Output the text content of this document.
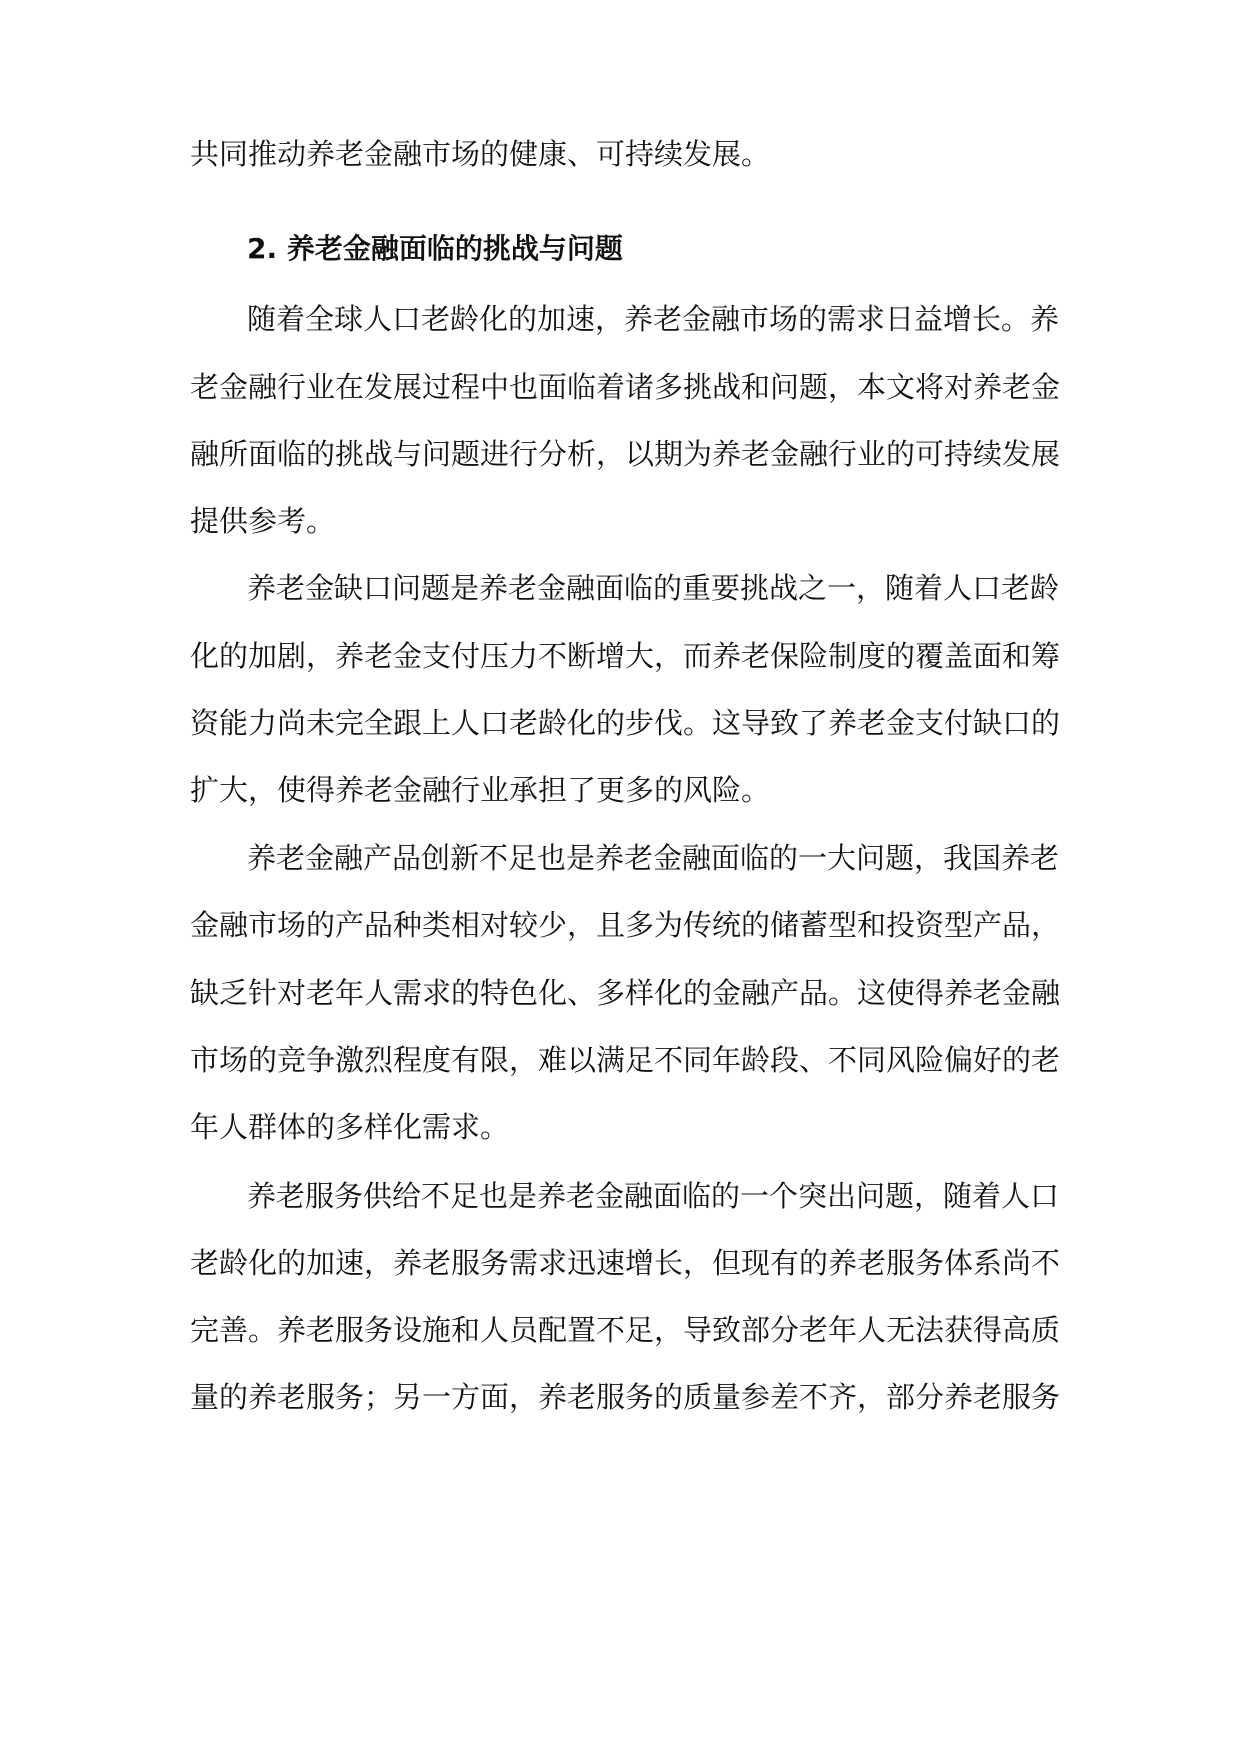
共同推动养老金融市场的健康、可持续发展。

2. 养老金融面临的挑战与问题

随着全球人口老龄化的加速，养老金融市场的需求日益增长。养

老金融行业在发展过程中也面临着诸多挑战和问题，本文将对养老金

融所面临的挑战与问题进行分析，以期为养老金融行业的可持续发展

提供参考。

养老金缺口问题是养老金融面临的重要挑战之一，随着人口老龄

化的加剧，养老金支付压力不断增大，而养老保险制度的覆盖面和筹

资能力尚未完全跟上人口老龄化的步伐。这导致了养老金支付缺口的

扩大，使得养老金融行业承担了更多的风险。

养老金融产品创新不足也是养老金融面临的一大问题，我国养老

金融市场的产品种类相对较少，且多为传统的储蓄型和投资型产品，

缺乏针对老年人需求的特色化、多样化的金融产品。这使得养老金融

市场的竞争激烈程度有限，难以满足不同年龄段、不同风险偏好的老

年人群体的多样化需求。

养老服务供给不足也是养老金融面临的一个突出问题，随着人口

老龄化的加速，养老服务需求迅速增长，但现有的养老服务体系尚不

完善。养老服务设施和人员配置不足，导致部分老年人无法获得高质

量的养老服务；另一方面，养老服务的质量参差不齐，部分养老服务
